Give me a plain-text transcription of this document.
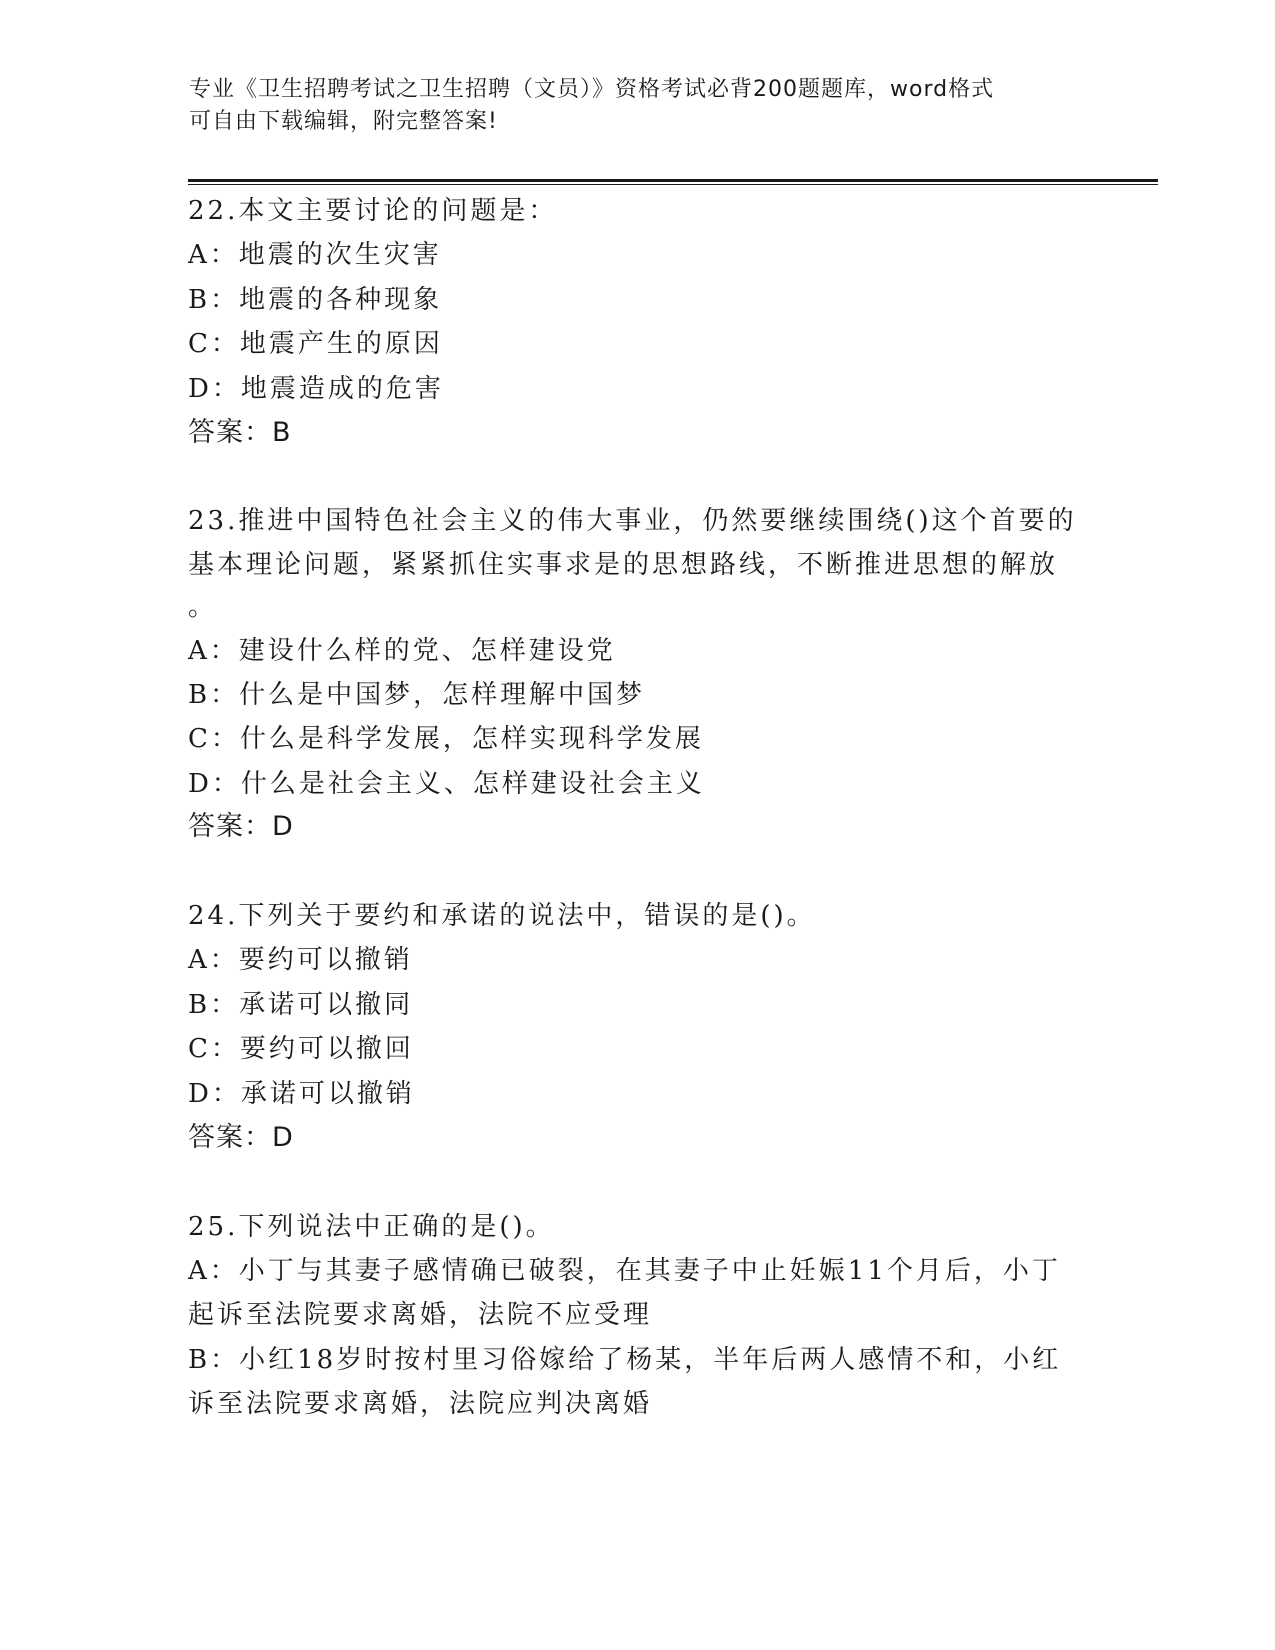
专业《卫生招聘考试之卫生招聘（文员）》资格考试必背200题题库，word格式
可自由下载编辑，附完整答案!
22.本文主要讨论的问题是：
A：地震的次生灾害
B：地震的各种现象
C：地震产生的原因
D：地震造成的危害
答案：B
23.推进中国特色社会主义的伟大事业，仍然要继续围绕()这个首要的
基本理论问题，紧紧抓住实事求是的思想路线，不断推进思想的解放
。
A：建设什么样的党、怎样建设党
B：什么是中国梦，怎样理解中国梦
C：什么是科学发展，怎样实现科学发展
D：什么是社会主义、怎样建设社会主义
答案：D
24.下列关于要约和承诺的说法中，错误的是()。
A：要约可以撤销
B：承诺可以撤同
C：要约可以撤回
D：承诺可以撤销
答案：D
25.下列说法中正确的是()。
A：小丁与其妻子感情确已破裂，在其妻子中止妊娠11个月后，小丁
起诉至法院要求离婚，法院不应受理
B：小红18岁时按村里习俗嫁给了杨某，半年后两人感情不和，小红
诉至法院要求离婚，法院应判决离婚
